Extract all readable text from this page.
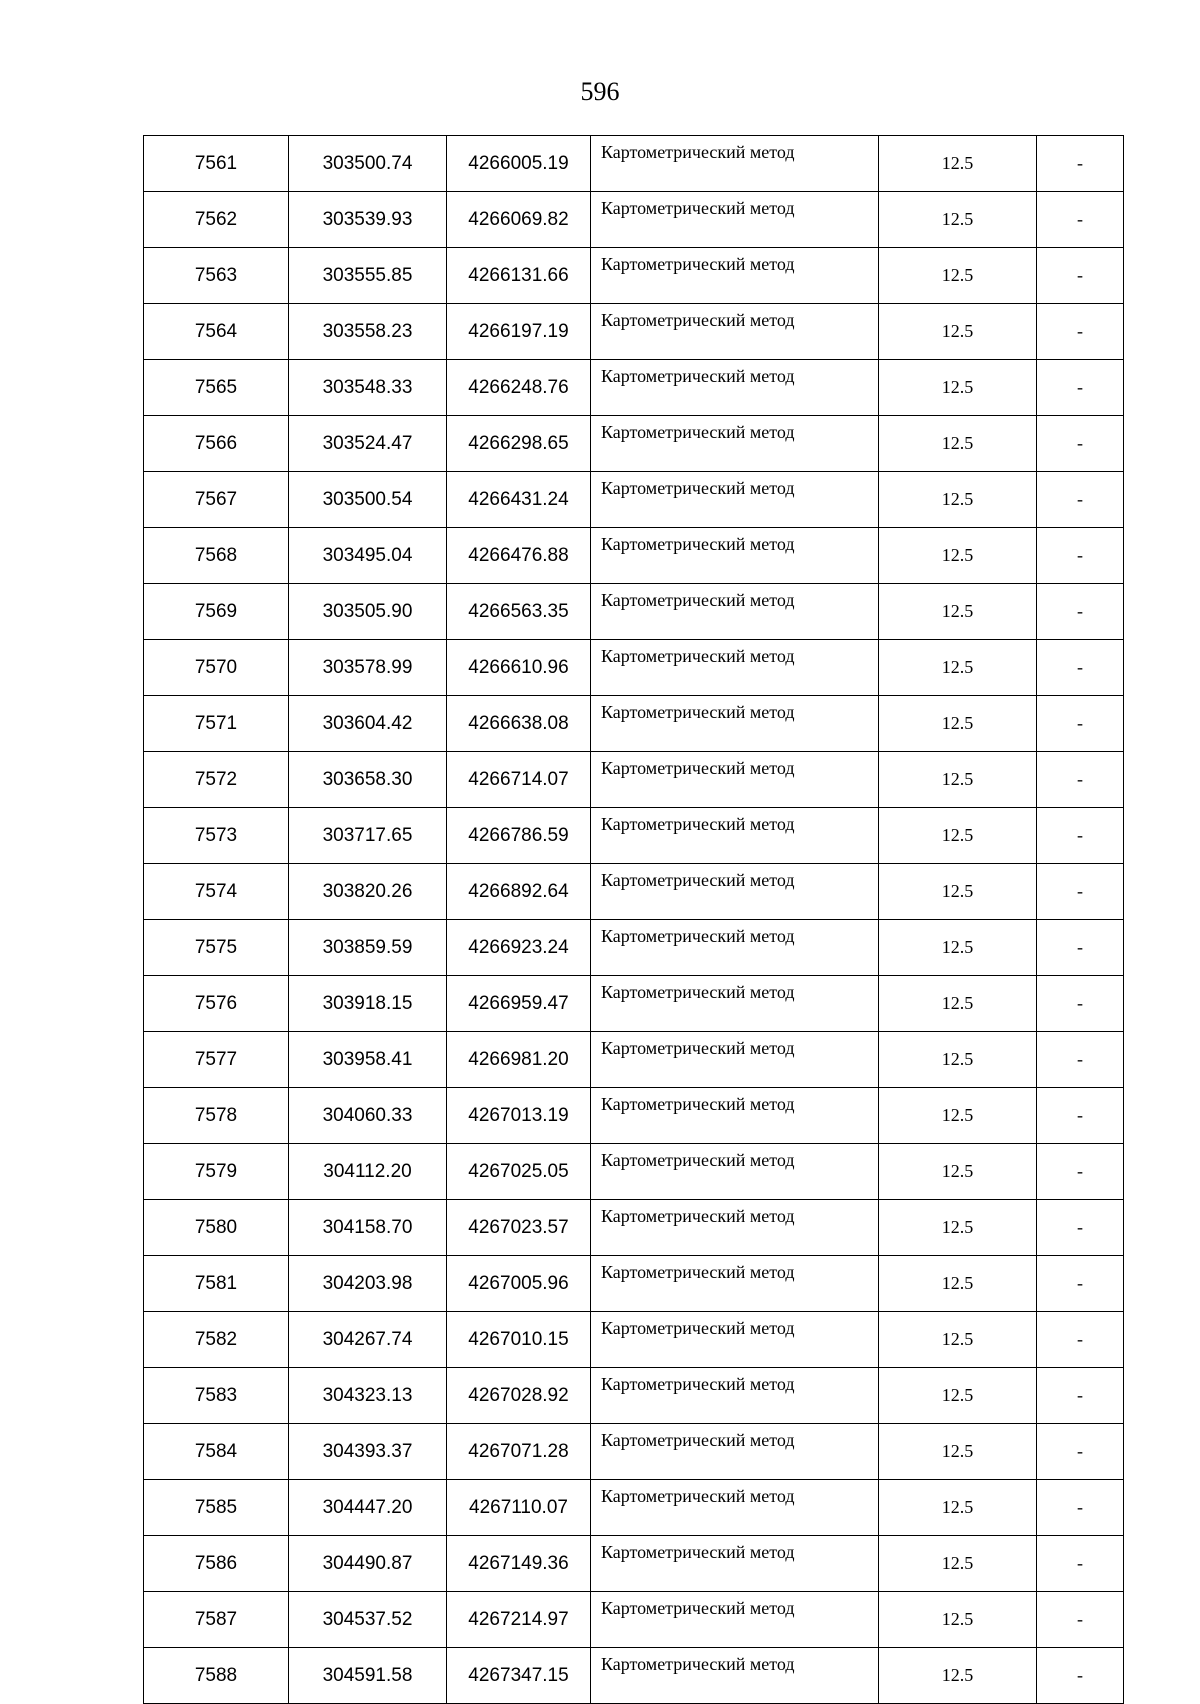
596
7561	303500.74	4266005.19	Картометрический метод	12.5	-
7562	303539.93	4266069.82	Картометрический метод	12.5	-
7563	303555.85	4266131.66	Картометрический метод	12.5	-
7564	303558.23	4266197.19	Картометрический метод	12.5	-
7565	303548.33	4266248.76	Картометрический метод	12.5	-
7566	303524.47	4266298.65	Картометрический метод	12.5	-
7567	303500.54	4266431.24	Картометрический метод	12.5	-
7568	303495.04	4266476.88	Картометрический метод	12.5	-
7569	303505.90	4266563.35	Картометрический метод	12.5	-
7570	303578.99	4266610.96	Картометрический метод	12.5	-
7571	303604.42	4266638.08	Картометрический метод	12.5	-
7572	303658.30	4266714.07	Картометрический метод	12.5	-
7573	303717.65	4266786.59	Картометрический метод	12.5	-
7574	303820.26	4266892.64	Картометрический метод	12.5	-
7575	303859.59	4266923.24	Картометрический метод	12.5	-
7576	303918.15	4266959.47	Картометрический метод	12.5	-
7577	303958.41	4266981.20	Картометрический метод	12.5	-
7578	304060.33	4267013.19	Картометрический метод	12.5	-
7579	304112.20	4267025.05	Картометрический метод	12.5	-
7580	304158.70	4267023.57	Картометрический метод	12.5	-
7581	304203.98	4267005.96	Картометрический метод	12.5	-
7582	304267.74	4267010.15	Картометрический метод	12.5	-
7583	304323.13	4267028.92	Картометрический метод	12.5	-
7584	304393.37	4267071.28	Картометрический метод	12.5	-
7585	304447.20	4267110.07	Картометрический метод	12.5	-
7586	304490.87	4267149.36	Картометрический метод	12.5	-
7587	304537.52	4267214.97	Картометрический метод	12.5	-
7588	304591.58	4267347.15	Картометрический метод	12.5	-
